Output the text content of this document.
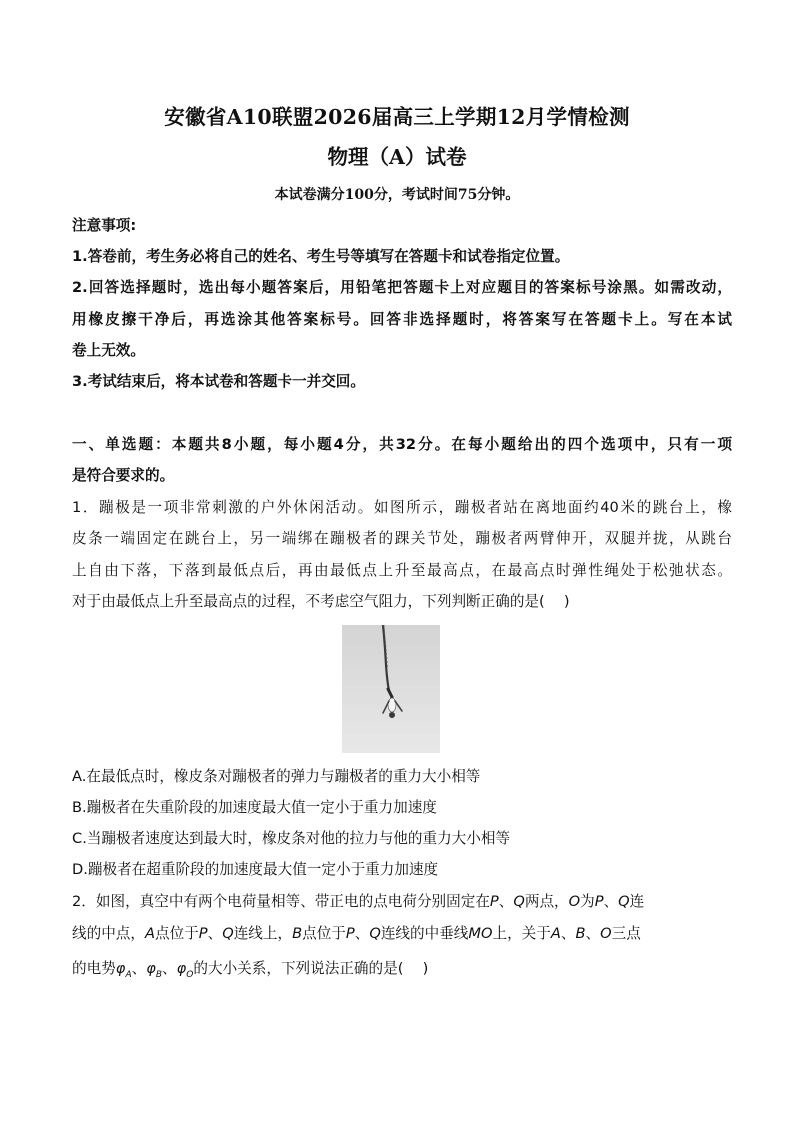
安徽省A10联盟2026届高三上学期12月学情检测
物理（A）试卷
本试卷满分100分，考试时间75分钟。
注意事项:
1.答卷前，考生务必将自己的姓名、考生号等填写在答题卡和试卷指定位置。
2.回答选择题时，选出每小题答案后，用铅笔把答题卡上对应题目的答案标号涂黑。如需改动，
用橡皮擦干净后，再选涂其他答案标号。回答非选择题时，将答案写在答题卡上。写在本试
卷上无效。
3.考试结束后，将本试卷和答题卡一并交回。
一、单选题：本题共8小题，每小题4分，共32分。在每小题给出的四个选项中，只有一项
是符合要求的。
1．蹦极是一项非常刺激的户外休闲活动。如图所示，蹦极者站在离地面约40米的跳台上，橡
皮条一端固定在跳台上，另一端绑在蹦极者的踝关节处，蹦极者两臂伸开，双腿并拢，从跳台
上自由下落，下落到最低点后，再由最低点上升至最高点，在最高点时弹性绳处于松弛状态。
对于由最低点上升至最高点的过程，不考虑空气阻力，下列判断正确的是(　 )
A.在最低点时，橡皮条对蹦极者的弹力与蹦极者的重力大小相等
B.蹦极者在失重阶段的加速度最大值一定小于重力加速度
C.当蹦极者速度达到最大时，橡皮条对他的拉力与他的重力大小相等
D.蹦极者在超重阶段的加速度最大值一定小于重力加速度
2．如图，真空中有两个电荷量相等、带正电的点电荷分别固定在P、Q两点，O为P、Q连
线的中点，A点位于P、Q连线上，B点位于P、Q连线的中垂线MO上，关于A、B、O三点
的电势$\varphi_A$、$\varphi_B$、$\varphi_O$的大小关系，下列说法正确的是(　 )
